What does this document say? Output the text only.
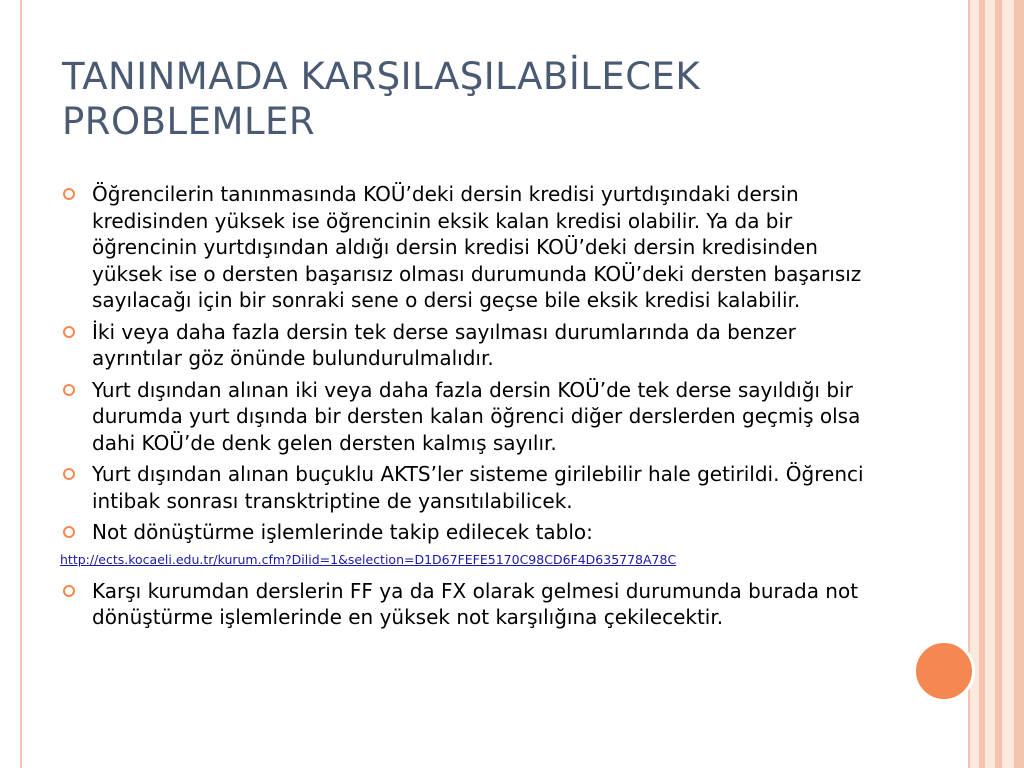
TANINMADA KARŞILAŞILABİLECEK
PROBLEMLER
Öğrencilerin tanınmasında KOÜ’deki dersin kredisi yurtdışındaki dersin kredisinden yüksek ise öğrencinin eksik kalan kredisi olabilir. Ya da bir öğrencinin yurtdışından aldığı dersin kredisi KOÜ’deki dersin kredisinden yüksek ise o dersten başarısız olması durumunda KOÜ’deki dersten başarısız sayılacağı için bir sonraki sene o dersi geçse bile eksik kredisi kalabilir.
İki veya daha fazla dersin tek derse sayılması durumlarında da benzer ayrıntılar göz önünde bulundurulmalıdır.
Yurt dışından alınan iki veya daha fazla dersin KOÜ’de tek derse sayıldığı bir durumda yurt dışında bir dersten kalan öğrenci diğer derslerden geçmiş olsa dahi KOÜ’de denk gelen dersten kalmış sayılır.
Yurt dışından alınan buçuklu AKTS’ler sisteme girilebilir hale getirildi. Öğrenci intibak sonrası transktriptine de yansıtılabilicek.
Not dönüştürme işlemlerinde takip edilecek tablo:
http://ects.kocaeli.edu.tr/kurum.cfm?Dilid=1&selection=D1D67FEFE5170C98CD6F4D635778A78C
Karşı kurumdan derslerin FF ya da FX olarak gelmesi durumunda burada not dönüştürme işlemlerinde en yüksek not karşılığına çekilecektir.
